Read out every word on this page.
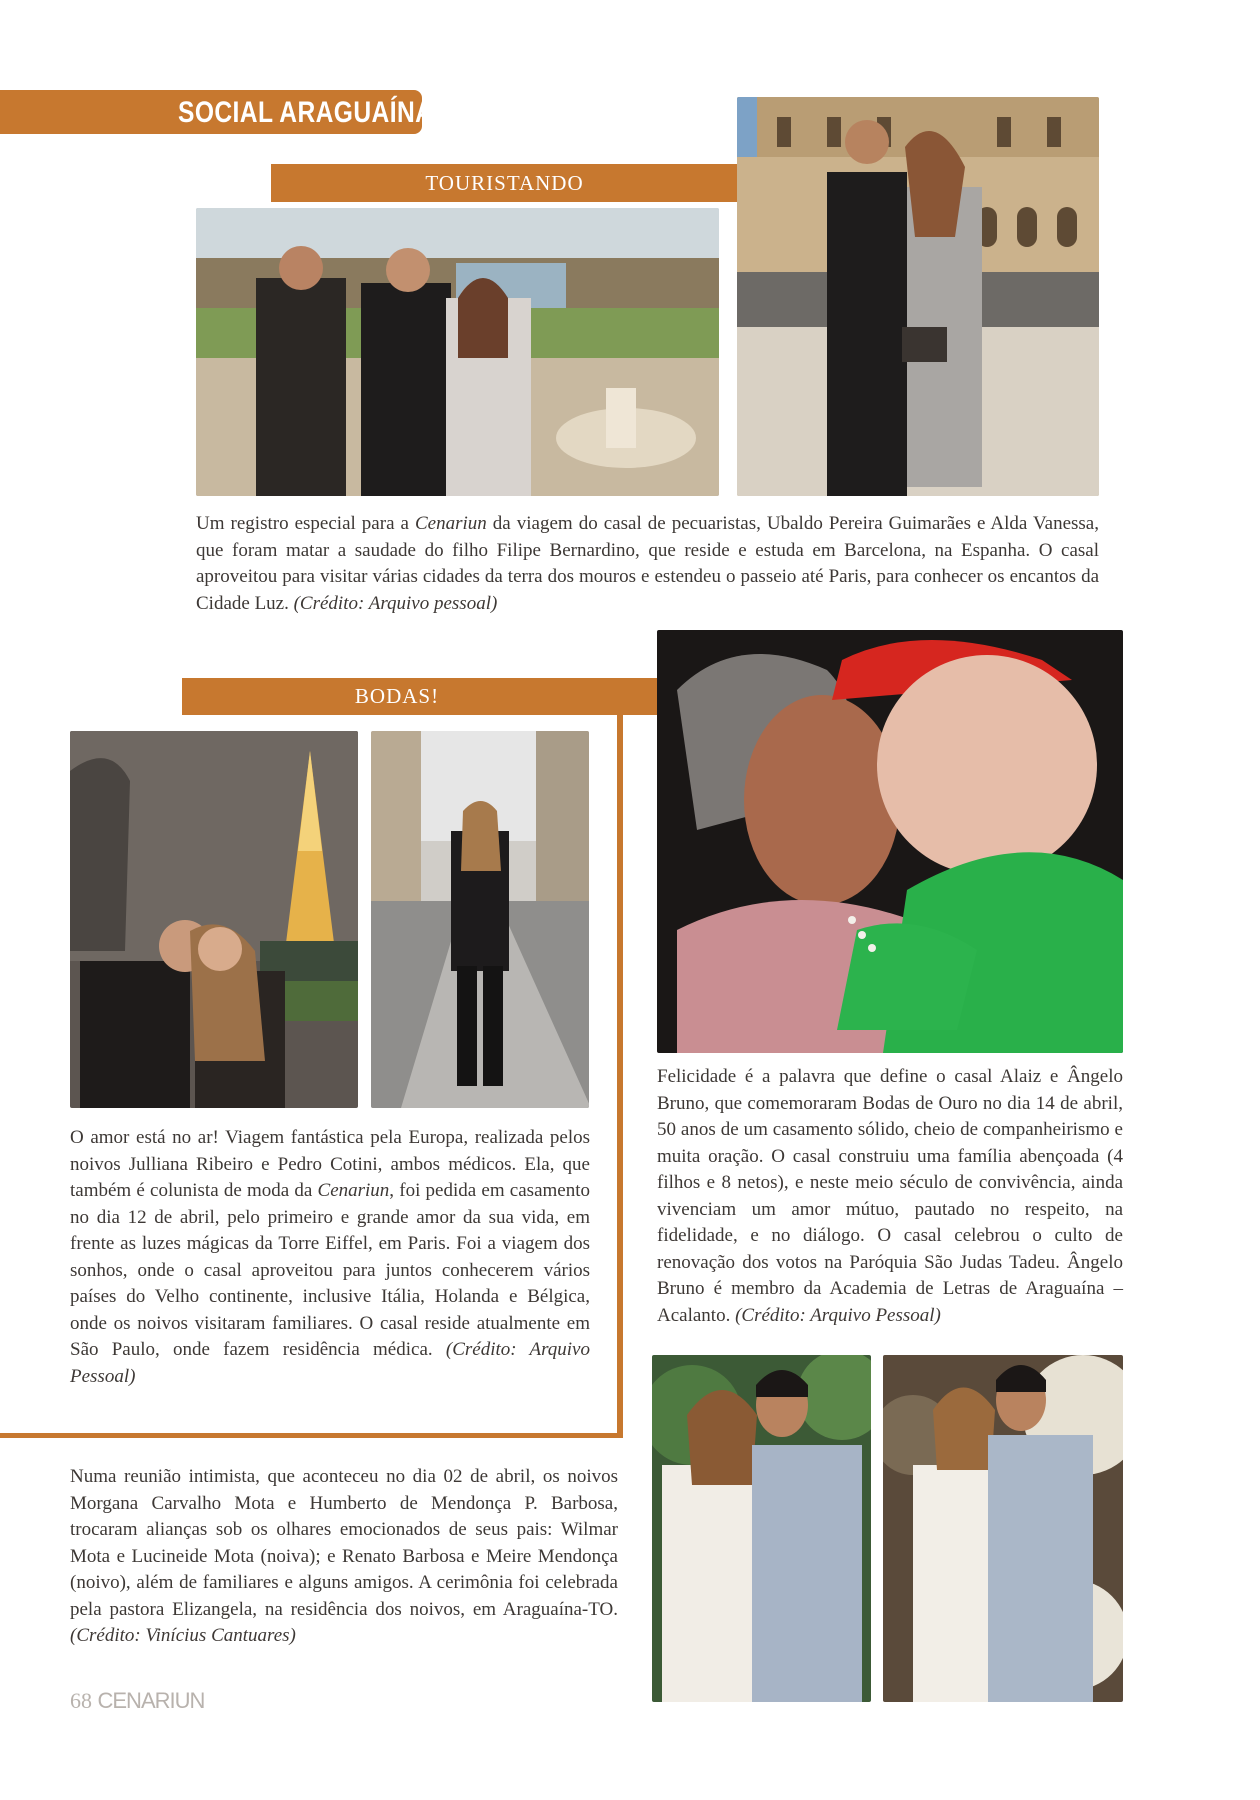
SOCIAL ARAGUAÍNA
TOURISTANDO
Um registro especial para a Cenariun da viagem do casal de pecuaristas, Ubaldo Pereira Guimarães e Alda Vanessa, que foram matar a saudade do filho Filipe Bernardino, que reside e estuda em Barcelona, na Espanha. O casal aproveitou para visitar várias cidades da terra dos mouros e estendeu o passeio até Paris, para conhecer os encantos da Cidade Luz. (Crédito: Arquivo pessoal)
BODAS!
O amor está no ar! Viagem fantástica pela Europa, realizada pelos noivos Julliana Ribeiro e Pedro Cotini, ambos médicos. Ela, que também é colunista de moda da Cenariun, foi pedida em casamento no dia 12 de abril, pelo primeiro e grande amor da sua vida, em frente as luzes mágicas da Torre Eiffel, em Paris. Foi a viagem dos sonhos, onde o casal aproveitou para juntos conhecerem vários países do Velho continente, inclusive Itália, Holanda e Bélgica, onde os noivos visitaram familiares. O casal reside atualmente em São Paulo, onde fazem residência médica. (Crédito: Arquivo Pessoal)
Felicidade é a palavra que define o casal Alaiz e Ângelo Bruno, que comemoraram Bodas de Ouro no dia 14 de abril, 50 anos de um casamento sólido, cheio de companheirismo e muita oração. O casal construiu uma família abençoada (4 filhos e 8 netos), e neste meio século de convivência, ainda vivenciam um amor mútuo, pautado no respeito, na fidelidade, e no diálogo. O casal celebrou o culto de renovação dos votos na Paróquia São Judas Tadeu. Ângelo Bruno é membro da Academia de Letras de Araguaína – Acalanto. (Crédito: Arquivo Pessoal)
Numa reunião intimista, que aconteceu no dia 02 de abril, os noivos Morgana Carvalho Mota e Humberto de Mendonça P. Barbosa, trocaram alianças sob os olhares emocionados de seus pais: Wilmar Mota e Lucineide Mota (noiva); e Renato Barbosa e Meire Mendonça (noivo), além de familiares e alguns amigos. A cerimônia foi celebrada pela pastora Elizangela, na residência dos noivos, em Araguaína-TO. (Crédito: Vinícius Cantuares)
68 CENARIUN
